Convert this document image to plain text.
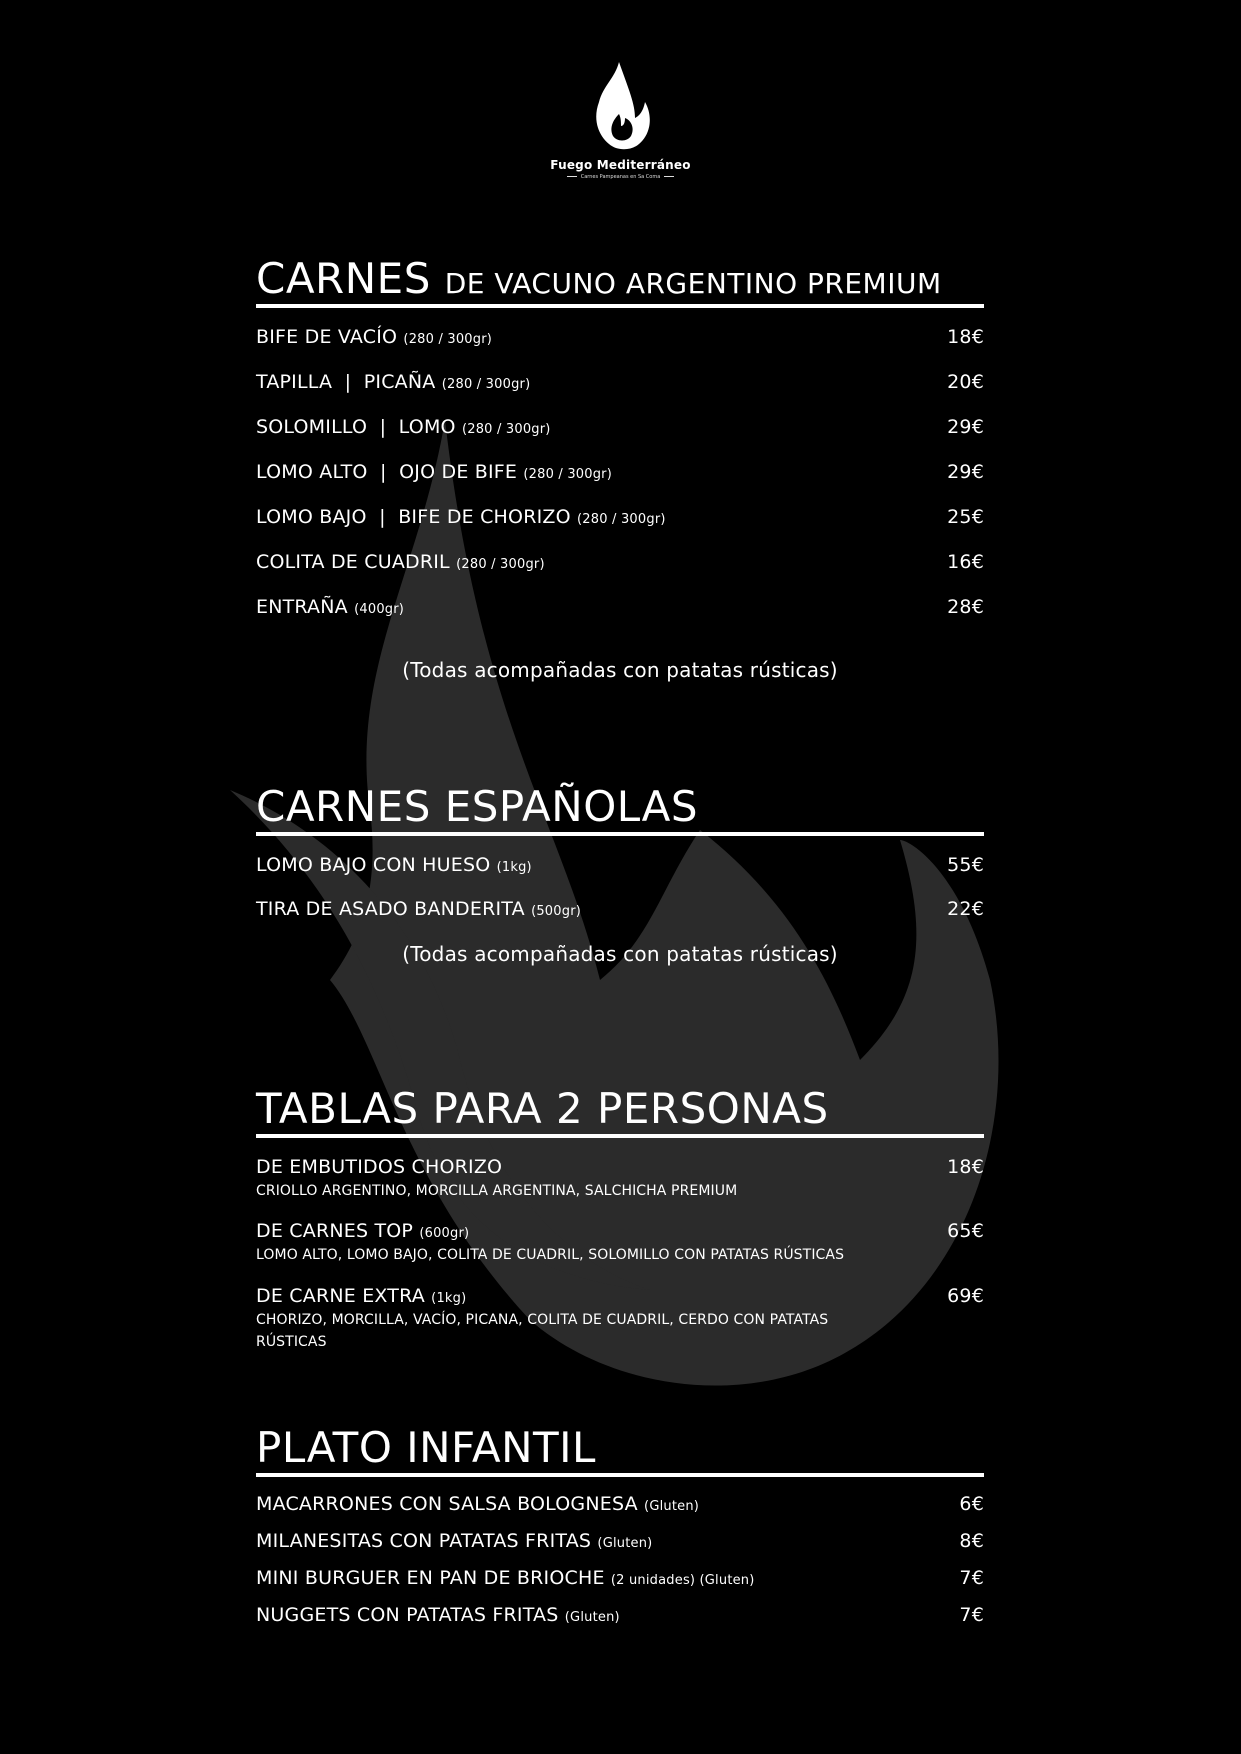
Fuego Mediterráneo
Carnes Pampeanas en Sa Coma
CARNES DE VACUNO ARGENTINO PREMIUM
BIFE DE VACÍO (280 / 300gr)	18€
TAPILLA  |  PICAÑA (280 / 300gr)	20€
SOLOMILLO  |  LOMO (280 / 300gr)	29€
LOMO ALTO  |  OJO DE BIFE (280 / 300gr)	29€
LOMO BAJO  |  BIFE DE CHORIZO (280 / 300gr)	25€
COLITA DE CUADRIL (280 / 300gr)	16€
ENTRAÑA (400gr)	28€
(Todas acompañadas con patatas rústicas)
CARNES ESPAÑOLAS
LOMO BAJO CON HUESO (1kg)	55€
TIRA DE ASADO BANDERITA (500gr)	22€
(Todas acompañadas con patatas rústicas)
TABLAS PARA 2 PERSONAS
DE EMBUTIDOS CHORIZO	18€
CRIOLLO ARGENTINO, MORCILLA ARGENTINA, SALCHICHA PREMIUM
DE CARNES TOP (600gr)	65€
LOMO ALTO, LOMO BAJO, COLITA DE CUADRIL, SOLOMILLO CON PATATAS RÚSTICAS
DE CARNE EXTRA (1kg)	69€
CHORIZO, MORCILLA, VACÍO, PICANA, COLITA DE CUADRIL, CERDO CON PATATAS RÚSTICAS
PLATO INFANTIL
MACARRONES CON SALSA BOLOGNESA (Gluten)	6€
MILANESITAS CON PATATAS FRITAS (Gluten)	8€
MINI BURGUER EN PAN DE BRIOCHE (2 unidades) (Gluten)	7€
NUGGETS CON PATATAS FRITAS (Gluten)	7€
